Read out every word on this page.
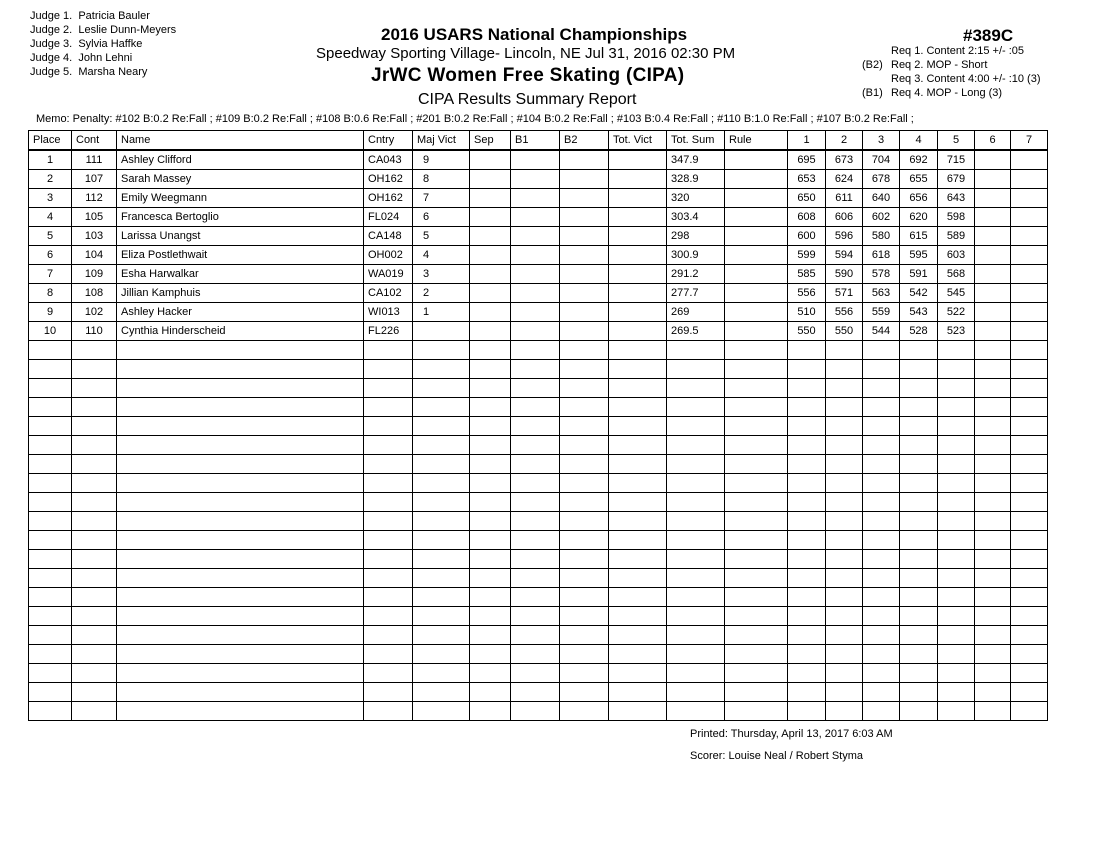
Judge 1. Patricia Bauler
Judge 2. Leslie Dunn-Meyers
Judge 3. Sylvia Haffke
Judge 4. John Lehni
Judge 5. Marsha Neary
2016 USARS National Championships
Speedway Sporting Village- Lincoln, NE Jul 31, 2016 02:30 PM
JrWC Women Free Skating (CIPA)
CIPA Results Summary Report
#389C
Req 1. Content 2:15 +/- :05
(B2) Req 2. MOP - Short
Req 3. Content 4:00 +/- :10 (3)
(B1) Req 4. MOP - Long (3)
Memo: Penalty: #102 B:0.2 Re:Fall ; #109 B:0.2 Re:Fall ; #108 B:0.6 Re:Fall ; #201 B:0.2 Re:Fall ; #104 B:0.2 Re:Fall ; #103 B:0.4 Re:Fall ; #110 B:1.0 Re:Fall ; #107 B:0.2 Re:Fall ;
Place	Cont	Name	Cntry	Maj Vict	Sep	B1	B2	Tot. Vict	Tot. Sum	Rule	1	2	3	4	5	6	7
1	111	Ashley Clifford	CA043	9					347.9		695	673	704	692	715		
2	107	Sarah Massey	OH162	8					328.9		653	624	678	655	679		
3	112	Emily Weegmann	OH162	7					320		650	611	640	656	643		
4	105	Francesca Bertoglio	FL024	6					303.4		608	606	602	620	598		
5	103	Larissa Unangst	CA148	5					298		600	596	580	615	589		
6	104	Eliza Postlethwait	OH002	4					300.9		599	594	618	595	603		
7	109	Esha Harwalkar	WA019	3					291.2		585	590	578	591	568		
8	108	Jillian Kamphuis	CA102	2					277.7		556	571	563	542	545		
9	102	Ashley Hacker	WI013	1					269		510	556	559	543	522		
10	110	Cynthia Hinderscheid	FL226						269.5		550	550	544	528	523		

Printed: Thursday, April 13, 2017 6:03 AM
Scorer: Louise Neal / Robert Styma
